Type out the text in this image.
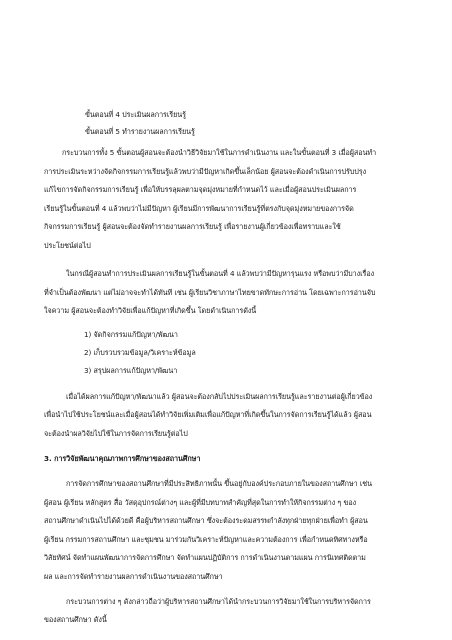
ขั้นตอนที่ 4 ประเมินผลการเรียนรู้
ขั้นตอนที่ 5 ทำรายงานผลการเรียนรู้
กระบวนการทั้ง 5 ขั้นตอนผู้สอนจะต้องนำวิธีวิจัยมาใช้ในการดำเนินงาน และในขั้นตอนที่ 3 เมื่อผู้สอนทำ
การประเมินระหว่างจัดกิจกรรมการเรียนรู้แล้วพบว่ามีปัญหาเกิดขึ้นเล็กน้อย ผู้สอนจะต้องดำเนินการปรับปรุง
แก้ไขการจัดกิจกรรมการเรียนรู้ เพื่อให้บรรลุผลตามจุดมุ่งหมายที่กำหนดไว้ และเมื่อผู้สอนประเมินผลการ
เรียนรู้ในขั้นตอนที่ 4 แล้วพบว่าไม่มีปัญหา ผู้เรียนมีการพัฒนาการเรียนรู้ที่ตรงกับจุดมุ่งหมายของการจัด
กิจกรรมการเรียนรู้ ผู้สอนจะต้องจัดทำรายงานผลการเรียนรู้ เพื่อรายงานผู้เกี่ยวข้องเพื่อทราบและใช้
ประโยชน์ต่อไป
ในกรณีผู้สอนทำการประเมินผลการเรียนรู้ในขั้นตอนที่ 4 แล้วพบว่ามีปัญหารุนแรง หรือพบว่ามีบางเรื่อง
ที่จำเป็นต้องพัฒนา แต่ไม่อาจจะทำได้ทันที เช่น ผู้เรียนวิชาภาษาไทยขาดทักษะการอ่าน โดยเฉพาะการอ่านจับ
ใจความ ผู้สอนจะต้องทำวิจัยเพื่อแก้ปัญหาที่เกิดขึ้น โดยดำเนินการดังนี้
1) จัดกิจกรรมแก้ปัญหา/พัฒนา
2) เก็บรวบรวมข้อมูล/วิเคราะห์ข้อมูล
3) สรุปผลการแก้ปัญหา/พัฒนา
เมื่อได้ผลการแก้ปัญหา/พัฒนาแล้ว ผู้สอนจะต้องกลับไปประเมินผลการเรียนรู้และรายงานต่อผู้เกี่ยวข้อง
เพื่อนำไปใช้ประโยชน์และเมื่อผู้สอนได้ทำวิจัยเพิ่มเติมเพื่อแก้ปัญหาที่เกิดขึ้นในการจัดการเรียนรู้ได้แล้ว ผู้สอน
จะต้องนำผลวิจัยไปใช้ในการจัดการเรียนรู้ต่อไป
3. การวิจัยพัฒนาคุณภาพการศึกษาของสถานศึกษา
การจัดการศึกษาของสถานศึกษาที่มีประสิทธิภาพนั้น ขึ้นอยู่กับองค์ประกอบภายในของสถานศึกษา เช่น
ผู้สอน ผู้เรียน หลักสูตร สื่อ วัสดุอุปกรณ์ต่างๆ และผู้ที่มีบทบาทสำคัญที่สุดในการทำให้กิจกรรมต่าง ๆ ของ
สถานศึกษาดำเนินไปได้ด้วยดี คือผู้บริหารสถานศึกษา ซึ่งจะต้องระดมสรรพกำลังทุกฝ่ายทุกฝ่ายเพื่อทำ ผู้สอน
ผู้เรียน กรรมการสถานศึกษา และชุมชน มาร่วมกันวิเคราะห์ปัญหาและความต้องการ เพื่อกำหนดทิศทางหรือ
วิสัยทัศน์ จัดทำแผนพัฒนาการจัดการศึกษา จัดทำแผนปฏิบัติการ การดำเนินงานตามแผน การนิเทศติดตาม
ผล และการจัดทำรายงานผลการดำเนินงานของสถานศึกษา
กระบวนการต่าง ๆ ดังกล่าวถือว่าผู้บริหารสถานศึกษาได้นำกระบวนการวิจัยมาใช้ในการบริหารจัดการ
ของสถานศึกษา ดังนี้
